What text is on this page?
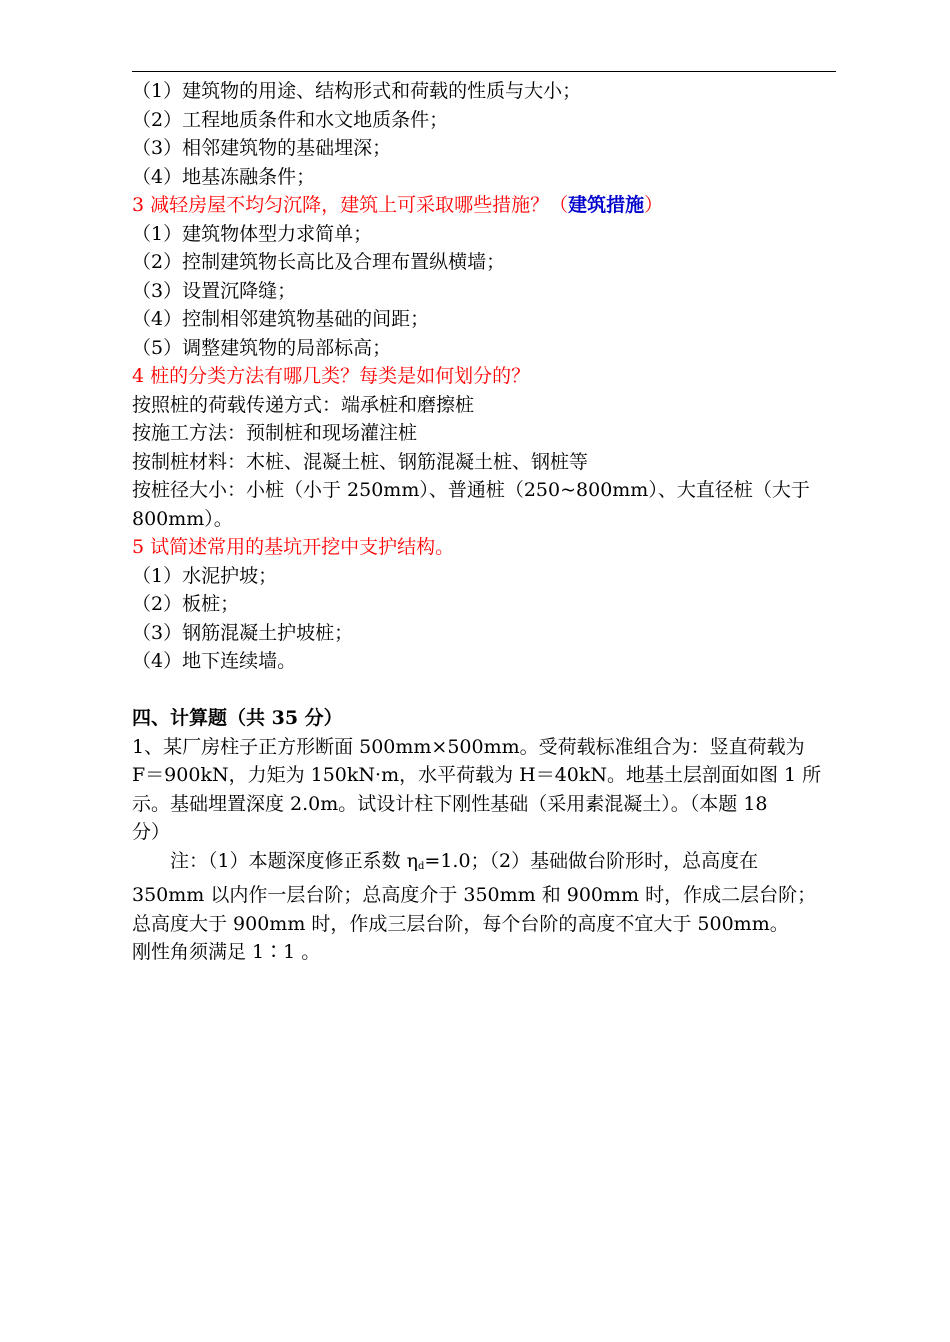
（1）建筑物的用途、结构形式和荷载的性质与大小；
（2）工程地质条件和水文地质条件；
（3）相邻建筑物的基础埋深；
（4）地基冻融条件；
3 减轻房屋不均匀沉降，建筑上可采取哪些措施？（建筑措施）
（1）建筑物体型力求简单；
（2）控制建筑物长高比及合理布置纵横墙；
（3）设置沉降缝；
（4）控制相邻建筑物基础的间距；
（5）调整建筑物的局部标高；
4 桩的分类方法有哪几类？每类是如何划分的？
按照桩的荷载传递方式：端承桩和磨擦桩
按施工方法：预制桩和现场灌注桩
按制桩材料：木桩、混凝土桩、钢筋混凝土桩、钢桩等
按桩径大小：小桩（小于 250mm）、普通桩（250~800mm）、大直径桩（大于
800mm）。
5 试简述常用的基坑开挖中支护结构。
（1）水泥护坡；
（2）板桩；
（3）钢筋混凝土护坡桩；
（4）地下连续墙。
四、计算题（共 35 分）
1、某厂房柱子正方形断面 500mm×500mm。受荷载标准组合为：竖直荷载为
F＝900kN，力矩为 150kN·m，水平荷载为 H＝40kN。地基土层剖面如图 1 所
示。基础埋置深度 2.0m。试设计柱下刚性基础（采用素混凝土）。（本题 18
分）
注：（1）本题深度修正系数 $\eta_d=1.0$；（2）基础做台阶形时，总高度在
350mm 以内作一层台阶；总高度介于 350mm 和 900mm 时，作成二层台阶；
总高度大于 900mm 时，作成三层台阶，每个台阶的高度不宜大于 500mm。
刚性角须满足 1∶1 。
